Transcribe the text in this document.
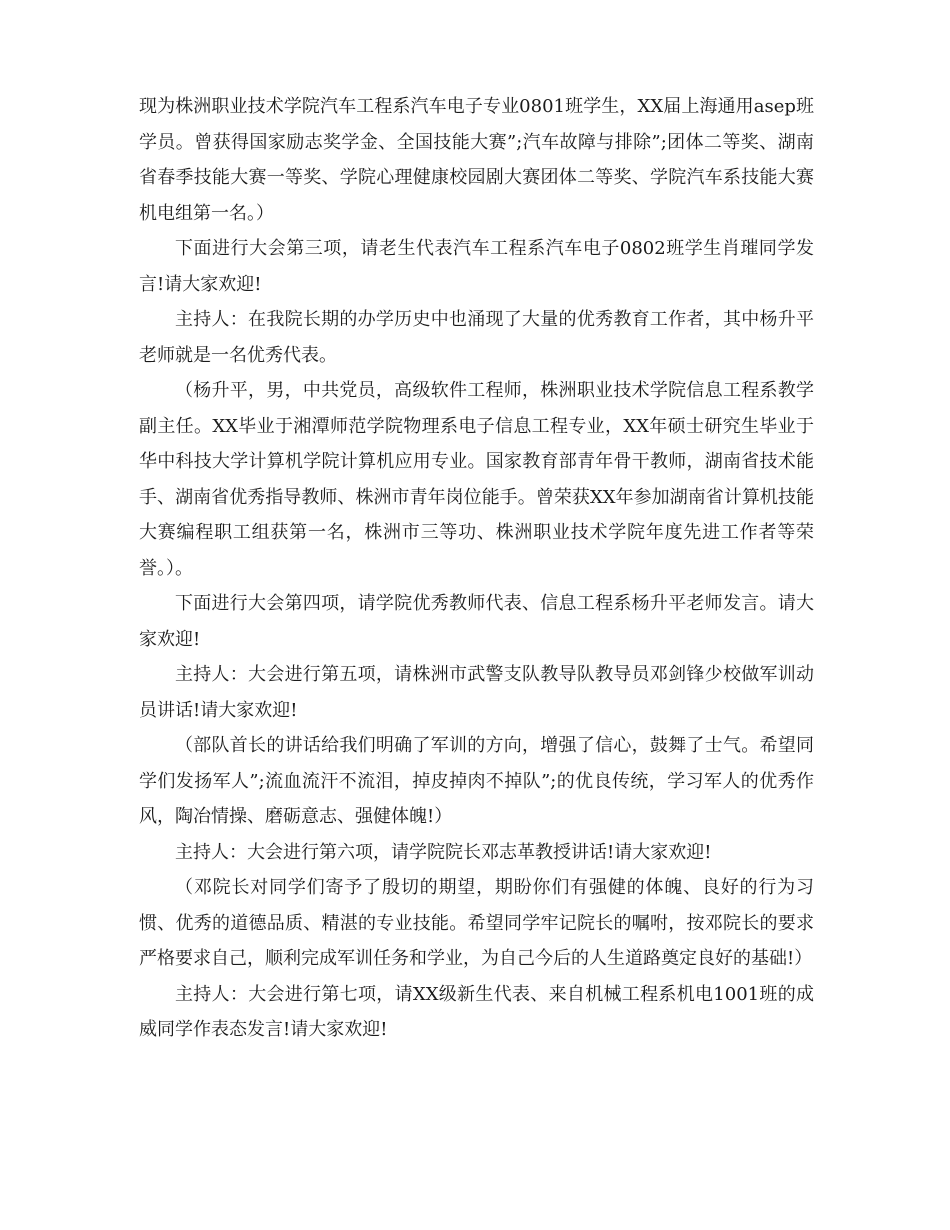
现为株洲职业技术学院汽车工程系汽车电子专业0801班学生，XX届上海通用asep班学员。曾获得国家励志奖学金、全国技能大赛”;汽车故障与排除”;团体二等奖、湖南省春季技能大赛一等奖、学院心理健康校园剧大赛团体二等奖、学院汽车系技能大赛机电组第一名。）

下面进行大会第三项，请老生代表汽车工程系汽车电子0802班学生肖璀同学发言!请大家欢迎!

主持人：在我院长期的办学历史中也涌现了大量的优秀教育工作者，其中杨升平老师就是一名优秀代表。

（杨升平，男，中共党员，高级软件工程师，株洲职业技术学院信息工程系教学副主任。XX毕业于湘潭师范学院物理系电子信息工程专业，XX年硕士研究生毕业于华中科技大学计算机学院计算机应用专业。国家教育部青年骨干教师，湖南省技术能手、湖南省优秀指导教师、株洲市青年岗位能手。曾荣获XX年参加湖南省计算机技能大赛编程职工组获第一名，株洲市三等功、株洲职业技术学院年度先进工作者等荣誉。）。

下面进行大会第四项，请学院优秀教师代表、信息工程系杨升平老师发言。请大家欢迎!

主持人：大会进行第五项，请株洲市武警支队教导队教导员邓剑锋少校做军训动员讲话!请大家欢迎!

（部队首长的讲话给我们明确了军训的方向，增强了信心，鼓舞了士气。希望同学们发扬军人”;流血流汗不流泪，掉皮掉肉不掉队”;的优良传统，学习军人的优秀作风，陶冶情操、磨砺意志、强健体魄!）

主持人：大会进行第六项，请学院院长邓志革教授讲话!请大家欢迎!

（邓院长对同学们寄予了殷切的期望，期盼你们有强健的体魄、良好的行为习惯、优秀的道德品质、精湛的专业技能。希望同学牢记院长的嘱咐，按邓院长的要求严格要求自己，顺利完成军训任务和学业，为自己今后的人生道路奠定良好的基础!）

主持人：大会进行第七项，请XX级新生代表、来自机械工程系机电1001班的成威同学作表态发言!请大家欢迎!
